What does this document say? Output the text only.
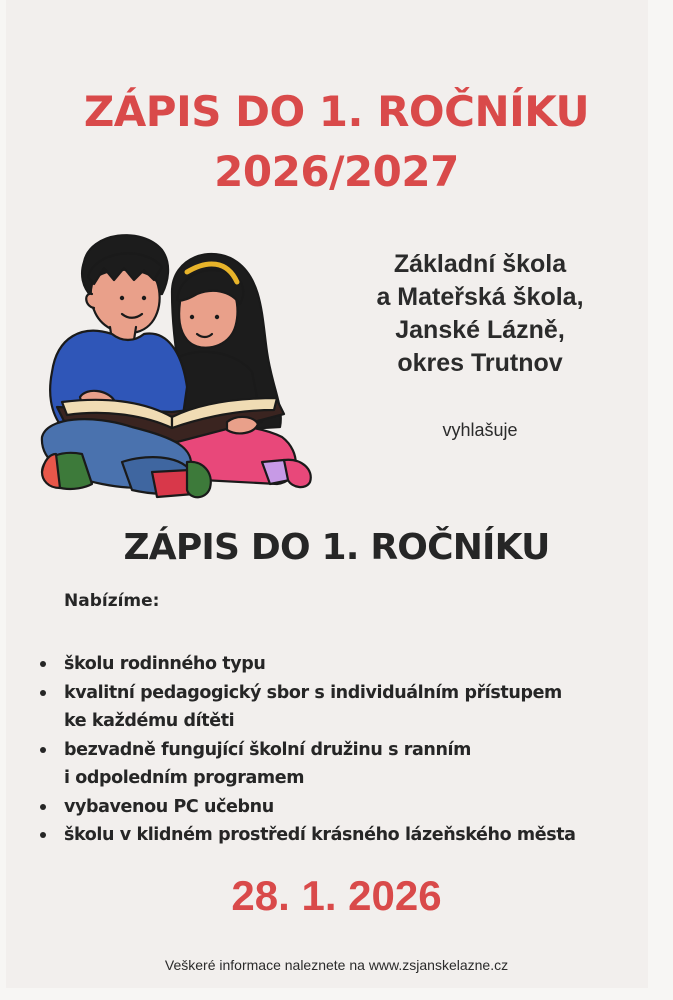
ZÁPIS DO 1. ROČNÍKU
2026/2027
Základní škola
a Mateřská škola,
Janské Lázně,
okres Trutnov
vyhlašuje
ZÁPIS DO 1. ROČNÍKU
Nabízíme:
školu rodinného typu
kvalitní pedagogický sbor s individuálním přístupem
ke každému dítěti
bezvadně fungující školní družinu s ranním
i odpoledním programem
vybavenou PC učebnu
školu v klidném prostředí krásného lázeňského města
28. 1. 2026
Veškeré informace naleznete na www.zsjanskelazne.cz
